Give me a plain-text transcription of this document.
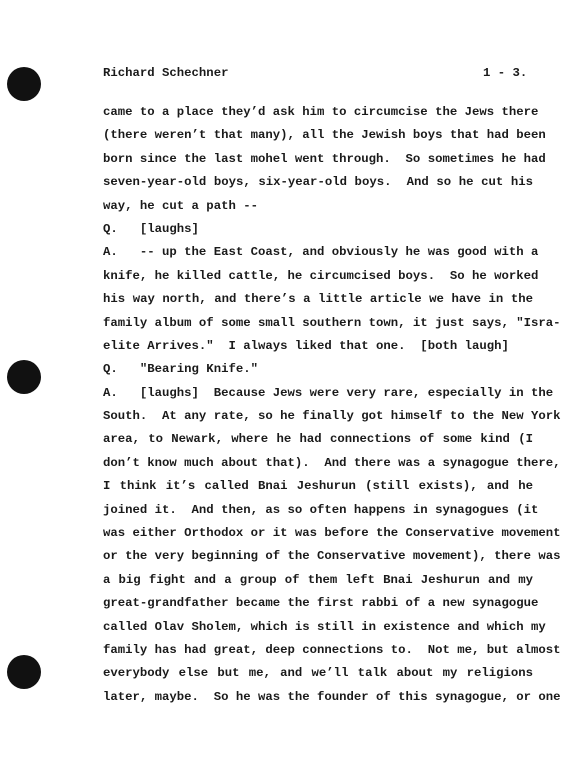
Richard Schechner	1 - 3.
came to a place they’d ask him to circumcise the Jews there
(there weren’t that many), all the Jewish boys that had been
born since the last mohel went through.  So sometimes he had
seven-year-old boys, six-year-old boys.  And so he cut his
way, he cut a path --
Q.   [laughs]
A.   -- up the East Coast, and obviously he was good with a
knife, he killed cattle, he circumcised boys.  So he worked
his way north, and there’s a little article we have in the
family album of some small southern town, it just says, "Isra-
elite Arrives."  I always liked that one.  [both laugh]
Q.   "Bearing Knife."
A.   [laughs]  Because Jews were very rare, especially in the
South.  At any rate, so he finally got himself to the New York
area, to Newark, where he had connections of some kind (I
don’t know much about that).  And there was a synagogue there,
I think it’s called Bnai Jeshurun (still exists), and he
joined it.  And then, as so often happens in synagogues (it
was either Orthodox or it was before the Conservative movement
or the very beginning of the Conservative movement), there was
a big fight and a group of them left Bnai Jeshurun and my
great-grandfather became the first rabbi of a new synagogue
called Olav Sholem, which is still in existence and which my
family has had great, deep connections to.  Not me, but almost
everybody else but me, and we’ll talk about my religions
later, maybe.  So he was the founder of this synagogue, or one
